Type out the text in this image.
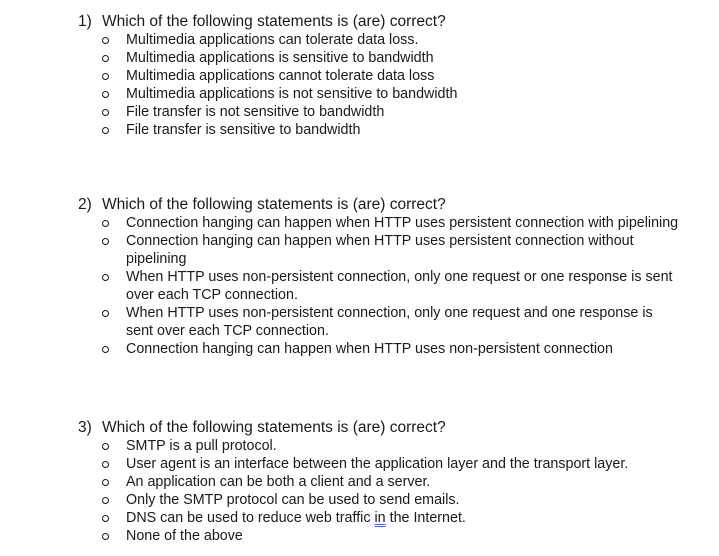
1) Which of the following statements is (are) correct?
Multimedia applications can tolerate data loss.
Multimedia applications is sensitive to bandwidth
Multimedia applications cannot tolerate data loss
Multimedia applications is not sensitive to bandwidth
File transfer is not sensitive to bandwidth
File transfer is sensitive to bandwidth
2) Which of the following statements is (are) correct?
Connection hanging can happen when HTTP uses persistent connection with pipelining
Connection hanging can happen when HTTP uses persistent connection without pipelining
When HTTP uses non-persistent connection, only one request or one response is sent over each TCP connection.
When HTTP uses non-persistent connection, only one request and one response is sent over each TCP connection.
Connection hanging can happen when HTTP uses non-persistent connection
3) Which of the following statements is (are) correct?
SMTP is a pull protocol.
User agent is an interface between the application layer and the transport layer.
An application can be both a client and a server.
Only the SMTP protocol can be used to send emails.
DNS can be used to reduce web traffic in the Internet.
None of the above
